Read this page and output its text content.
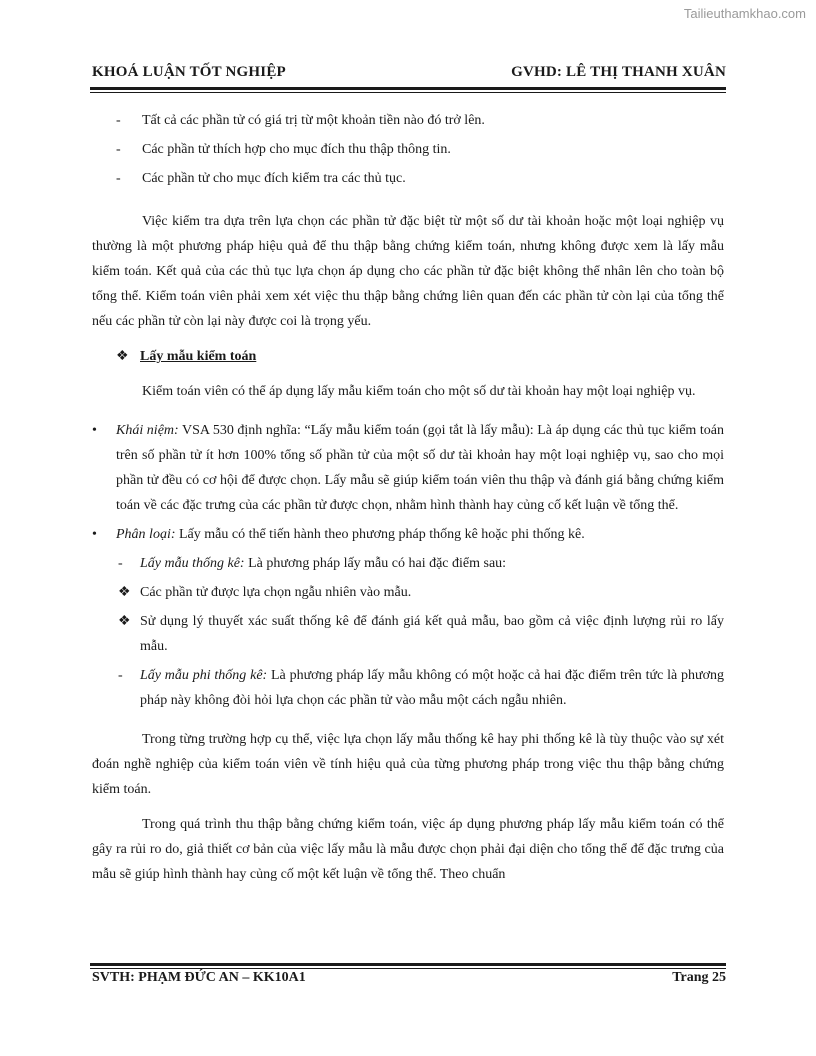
Tailieuthamkhao.com
KHOÁ LUẬN TỐT NGHIỆP	GVHD: LÊ THỊ THANH XUÂN

- Tất cả các phần tử có giá trị từ một khoản tiền nào đó trở lên.

- Các phần tử thích hợp cho mục đích thu thập thông tin.

- Các phần tử cho mục đích kiểm tra các thủ tục.

Việc kiểm tra dựa trên lựa chọn các phần tử đặc biệt từ một số dư tài khoản hoặc một loại nghiệp vụ thường là một phương pháp hiệu quả để thu thập bằng chứng kiểm toán, nhưng không được xem là lấy mẫu kiểm toán. Kết quả của các thủ tục lựa chọn áp dụng cho các phần tử đặc biệt không thể nhân lên cho toàn bộ tổng thể. Kiểm toán viên phải xem xét việc thu thập bằng chứng liên quan đến các phần tử còn lại của tổng thể nếu các phần tử còn lại này được coi là trọng yếu.

❖ Lấy mẫu kiểm toán

Kiểm toán viên có thể áp dụng lấy mẫu kiểm toán cho một số dư tài khoản hay một loại nghiệp vụ.

• Khái niệm: VSA 530 định nghĩa: “Lấy mẫu kiểm toán (gọi tắt là lấy mẫu): Là áp dụng các thủ tục kiểm toán trên số phần tử ít hơn 100% tổng số phần tử của một số dư tài khoản hay một loại nghiệp vụ, sao cho mọi phần tử đều có cơ hội để được chọn. Lấy mẫu sẽ giúp kiểm toán viên thu thập và đánh giá bằng chứng kiểm toán về các đặc trưng của các phần tử được chọn, nhằm hình thành hay củng cố kết luận về tổng thể.

• Phân loại: Lấy mẫu có thể tiến hành theo phương pháp thống kê hoặc phi thống kê.

- Lấy mẫu thống kê: Là phương pháp lấy mẫu có hai đặc điểm sau:

❖ Các phần tử được lựa chọn ngẫu nhiên vào mẫu.

❖ Sử dụng lý thuyết xác suất thống kê để đánh giá kết quả mẫu, bao gồm cả việc định lượng rủi ro lấy mẫu.

- Lấy mẫu phi thống kê: Là phương pháp lấy mẫu không có một hoặc cả hai đặc điểm trên tức là phương pháp này không đòi hỏi lựa chọn các phần tử vào mẫu một cách ngẫu nhiên.

Trong từng trường hợp cụ thể, việc lựa chọn lấy mẫu thống kê hay phi thống kê là tùy thuộc vào sự xét đoán nghề nghiệp của kiểm toán viên về tính hiệu quả của từng phương pháp trong việc thu thập bằng chứng kiểm toán.

Trong quá trình thu thập bằng chứng kiểm toán, việc áp dụng phương pháp lấy mẫu kiểm toán có thể gây ra rủi ro do, giả thiết cơ bản của việc lấy mẫu là mẫu được chọn phải đại diện cho tổng thể để đặc trưng của mẫu sẽ giúp hình thành hay củng cố một kết luận về tổng thể. Theo chuẩn

SVTH: PHẠM ĐỨC AN – KK10A1	Trang 25
